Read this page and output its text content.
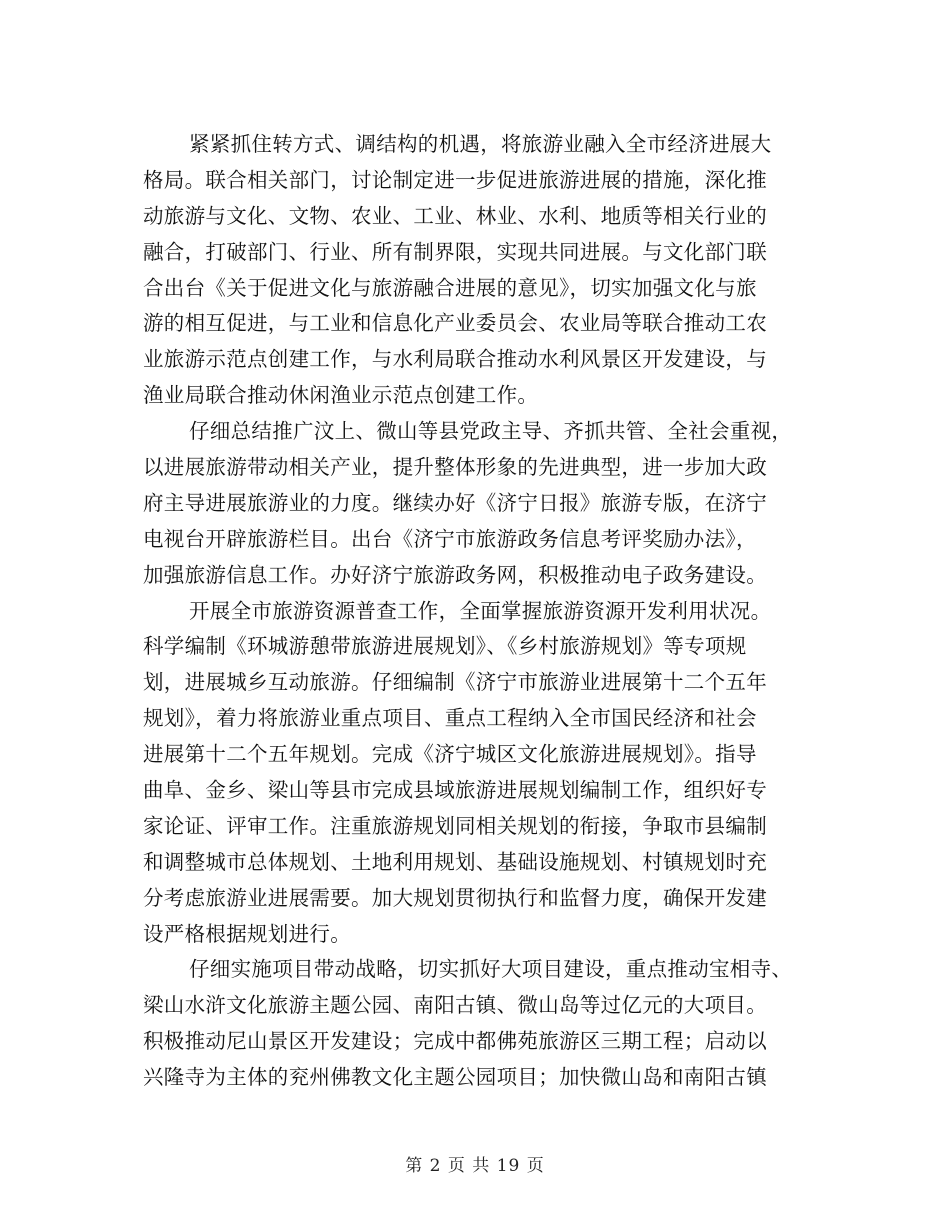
紧紧抓住转方式、调结构的机遇，将旅游业融入全市经济进展大
格局。联合相关部门，讨论制定进一步促进旅游进展的措施，深化推
动旅游与文化、文物、农业、工业、林业、水利、地质等相关行业的
融合，打破部门、行业、所有制界限，实现共同进展。与文化部门联
合出台《关于促进文化与旅游融合进展的意见》，切实加强文化与旅
游的相互促进，与工业和信息化产业委员会、农业局等联合推动工农
业旅游示范点创建工作，与水利局联合推动水利风景区开发建设，与
渔业局联合推动休闲渔业示范点创建工作。
仔细总结推广汶上、微山等县党政主导、齐抓共管、全社会重视，
以进展旅游带动相关产业，提升整体形象的先进典型，进一步加大政
府主导进展旅游业的力度。继续办好《济宁日报》旅游专版，在济宁
电视台开辟旅游栏目。出台《济宁市旅游政务信息考评奖励办法》，
加强旅游信息工作。办好济宁旅游政务网，积极推动电子政务建设。
开展全市旅游资源普查工作，全面掌握旅游资源开发利用状况。
科学编制《环城游憩带旅游进展规划》、《乡村旅游规划》等专项规
划，进展城乡互动旅游。仔细编制《济宁市旅游业进展第十二个五年
规划》，着力将旅游业重点项目、重点工程纳入全市国民经济和社会
进展第十二个五年规划。完成《济宁城区文化旅游进展规划》。指导
曲阜、金乡、梁山等县市完成县域旅游进展规划编制工作，组织好专
家论证、评审工作。注重旅游规划同相关规划的衔接，争取市县编制
和调整城市总体规划、土地利用规划、基础设施规划、村镇规划时充
分考虑旅游业进展需要。加大规划贯彻执行和监督力度，确保开发建
设严格根据规划进行。
仔细实施项目带动战略，切实抓好大项目建设，重点推动宝相寺、
梁山水浒文化旅游主题公园、南阳古镇、微山岛等过亿元的大项目。
积极推动尼山景区开发建设；完成中都佛苑旅游区三期工程；启动以
兴隆寺为主体的兖州佛教文化主题公园项目；加快微山岛和南阳古镇
第 2 页 共 19 页
